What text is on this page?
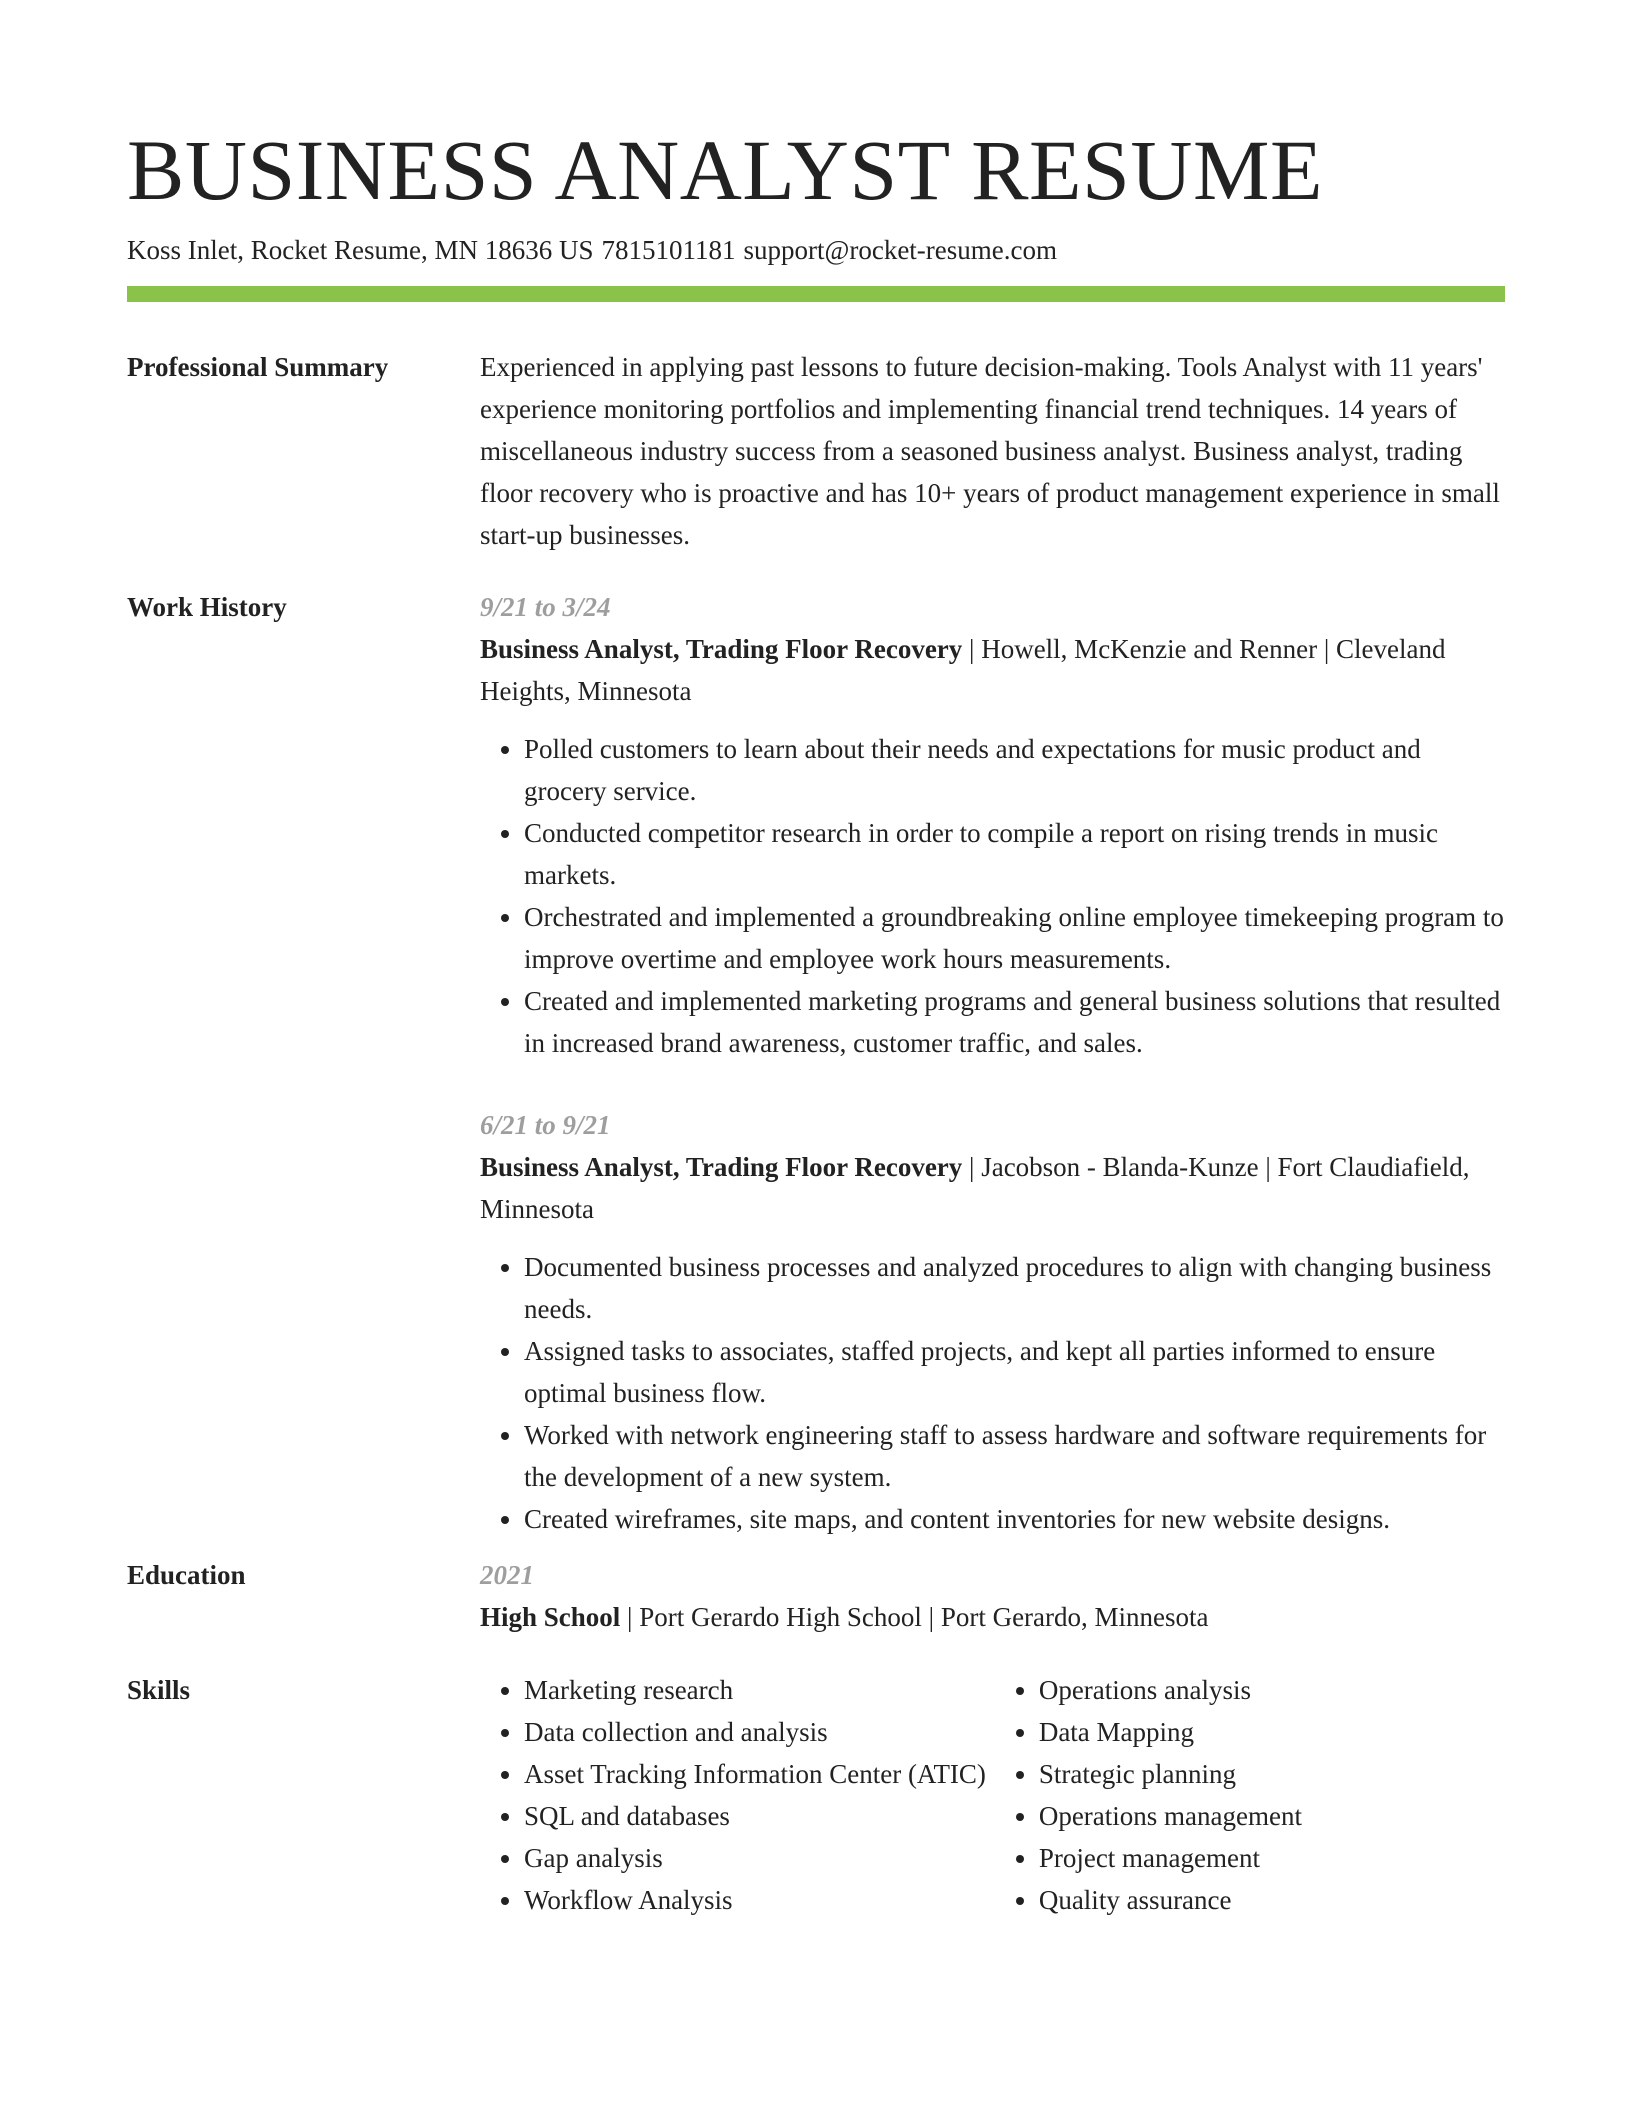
BUSINESS ANALYST RESUME
Koss Inlet, Rocket Resume, MN 18636 US 7815101181 support@rocket-resume.com
Professional Summary	Experienced in applying past lessons to future decision-making. Tools Analyst with 11 years' experience monitoring portfolios and implementing financial trend techniques. 14 years of miscellaneous industry success from a seasoned business analyst. Business analyst, trading floor recovery who is proactive and has 10+ years of product management experience in small start-up businesses.

Work History	9/21 to 3/24
Business Analyst, Trading Floor Recovery | Howell, McKenzie and Renner | Cleveland Heights, Minnesota
• Polled customers to learn about their needs and expectations for music product and grocery service.
• Conducted competitor research in order to compile a report on rising trends in music markets.
• Orchestrated and implemented a groundbreaking online employee timekeeping program to improve overtime and employee work hours measurements.
• Created and implemented marketing programs and general business solutions that resulted in increased brand awareness, customer traffic, and sales.
6/21 to 9/21
Business Analyst, Trading Floor Recovery | Jacobson - Blanda-Kunze | Fort Claudiafield, Minnesota
• Documented business processes and analyzed procedures to align with changing business needs.
• Assigned tasks to associates, staffed projects, and kept all parties informed to ensure optimal business flow.
• Worked with network engineering staff to assess hardware and software requirements for the development of a new system.
• Created wireframes, site maps, and content inventories for new website designs.
Education	2021
High School | Port Gerardo High School | Port Gerardo, Minnesota
Skills
•	Marketing research
• Data collection and analysis
• Asset Tracking Information Center (ATIC)
• SQL and databases
• Gap analysis
• Workflow Analysis
• Operations analysis
• Data Mapping
• Strategic planning
• Operations management
• Project management
• Quality assurance
